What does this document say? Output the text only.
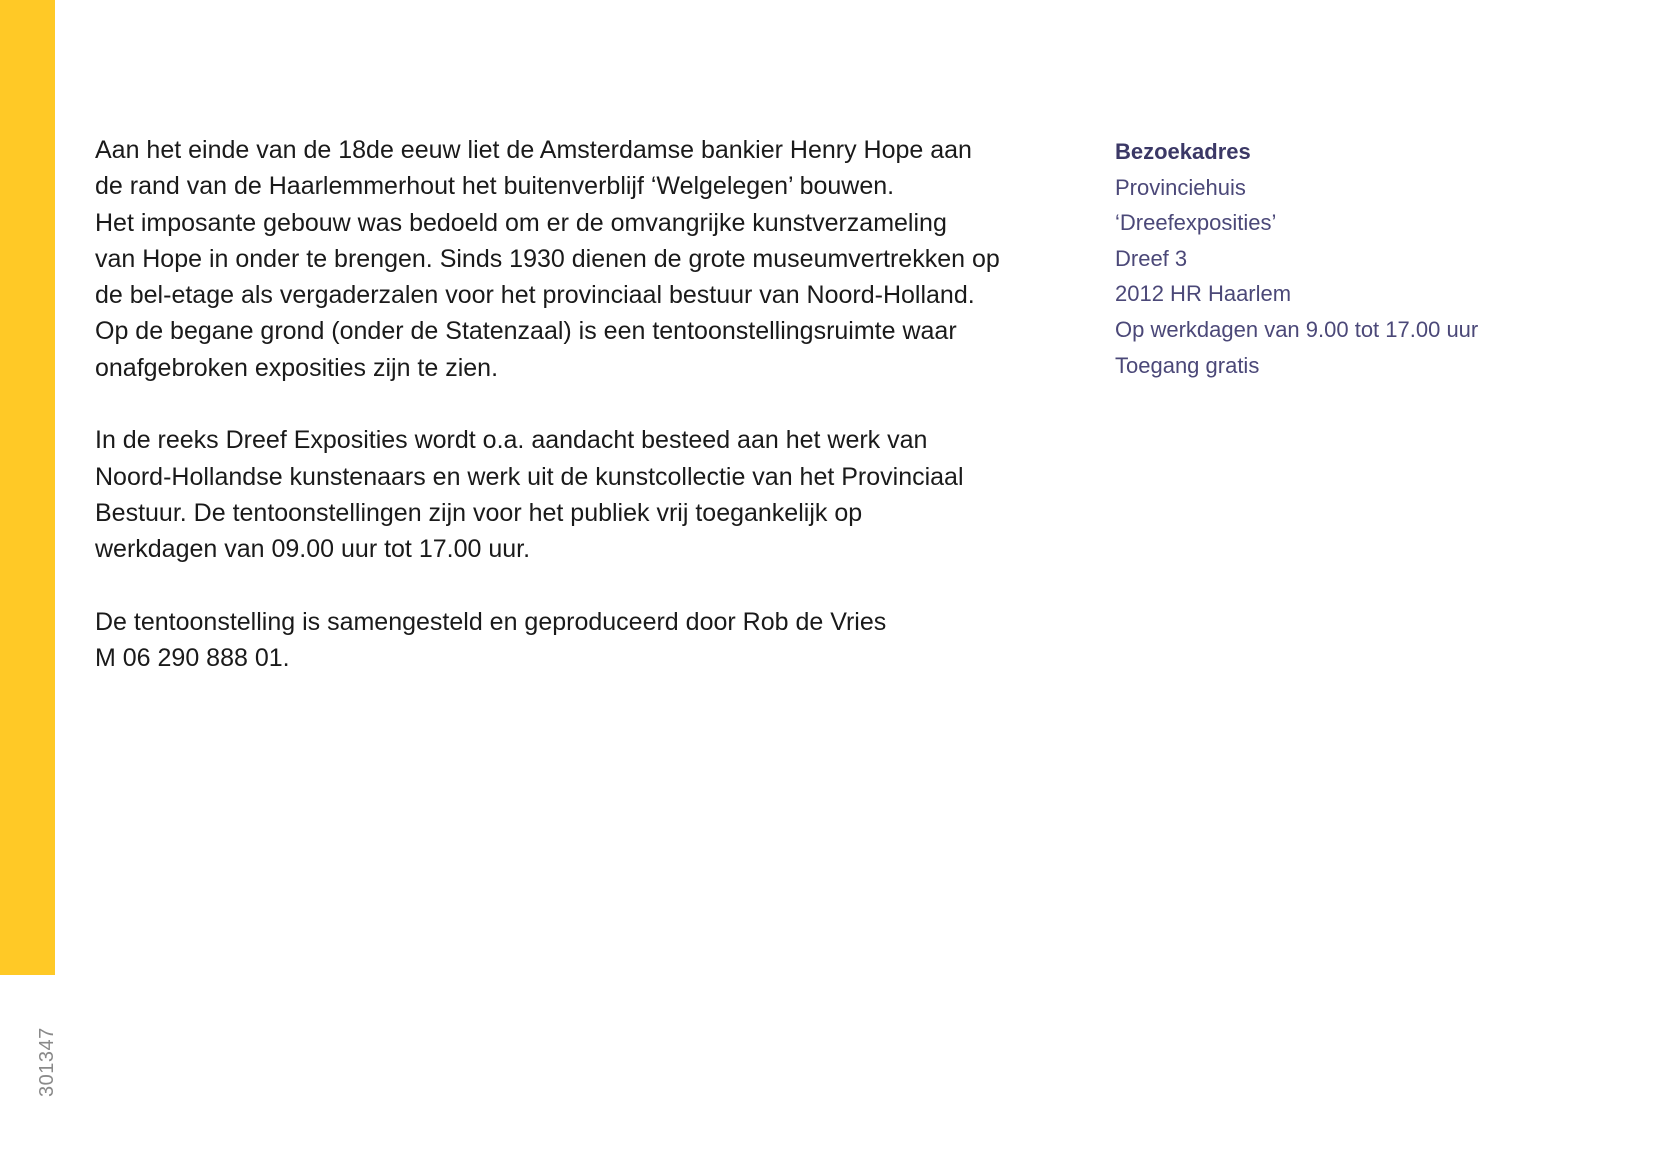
301347

Aan het einde van de 18de eeuw liet de Amsterdamse bankier Henry Hope aan
de rand van de Haarlemmerhout het buitenverblijf ‘Welgelegen’ bouwen.
Het imposante gebouw was bedoeld om er de omvangrijke kunstverzameling
van Hope in onder te brengen. Sinds 1930 dienen de grote museumvertrekken op
de bel-etage als vergaderzalen voor het provinciaal bestuur van Noord-Holland.
Op de begane grond (onder de Statenzaal) is een tentoonstellingsruimte waar
onafgebroken exposities zijn te zien.

In de reeks Dreef Exposities wordt o.a. aandacht besteed aan het werk van
Noord-Hollandse kunstenaars en werk uit de kunstcollectie van het Provinciaal
Bestuur. De tentoonstellingen zijn voor het publiek vrij toegankelijk op
werkdagen van 09.00 uur tot 17.00 uur.

De tentoonstelling is samengesteld en geproduceerd door Rob de Vries
M 06 290 888 01.

Bezoekadres
Provinciehuis
‘Dreefexposities’
Dreef 3
2012 HR Haarlem
Op werkdagen van 9.00 tot 17.00 uur
Toegang gratis
